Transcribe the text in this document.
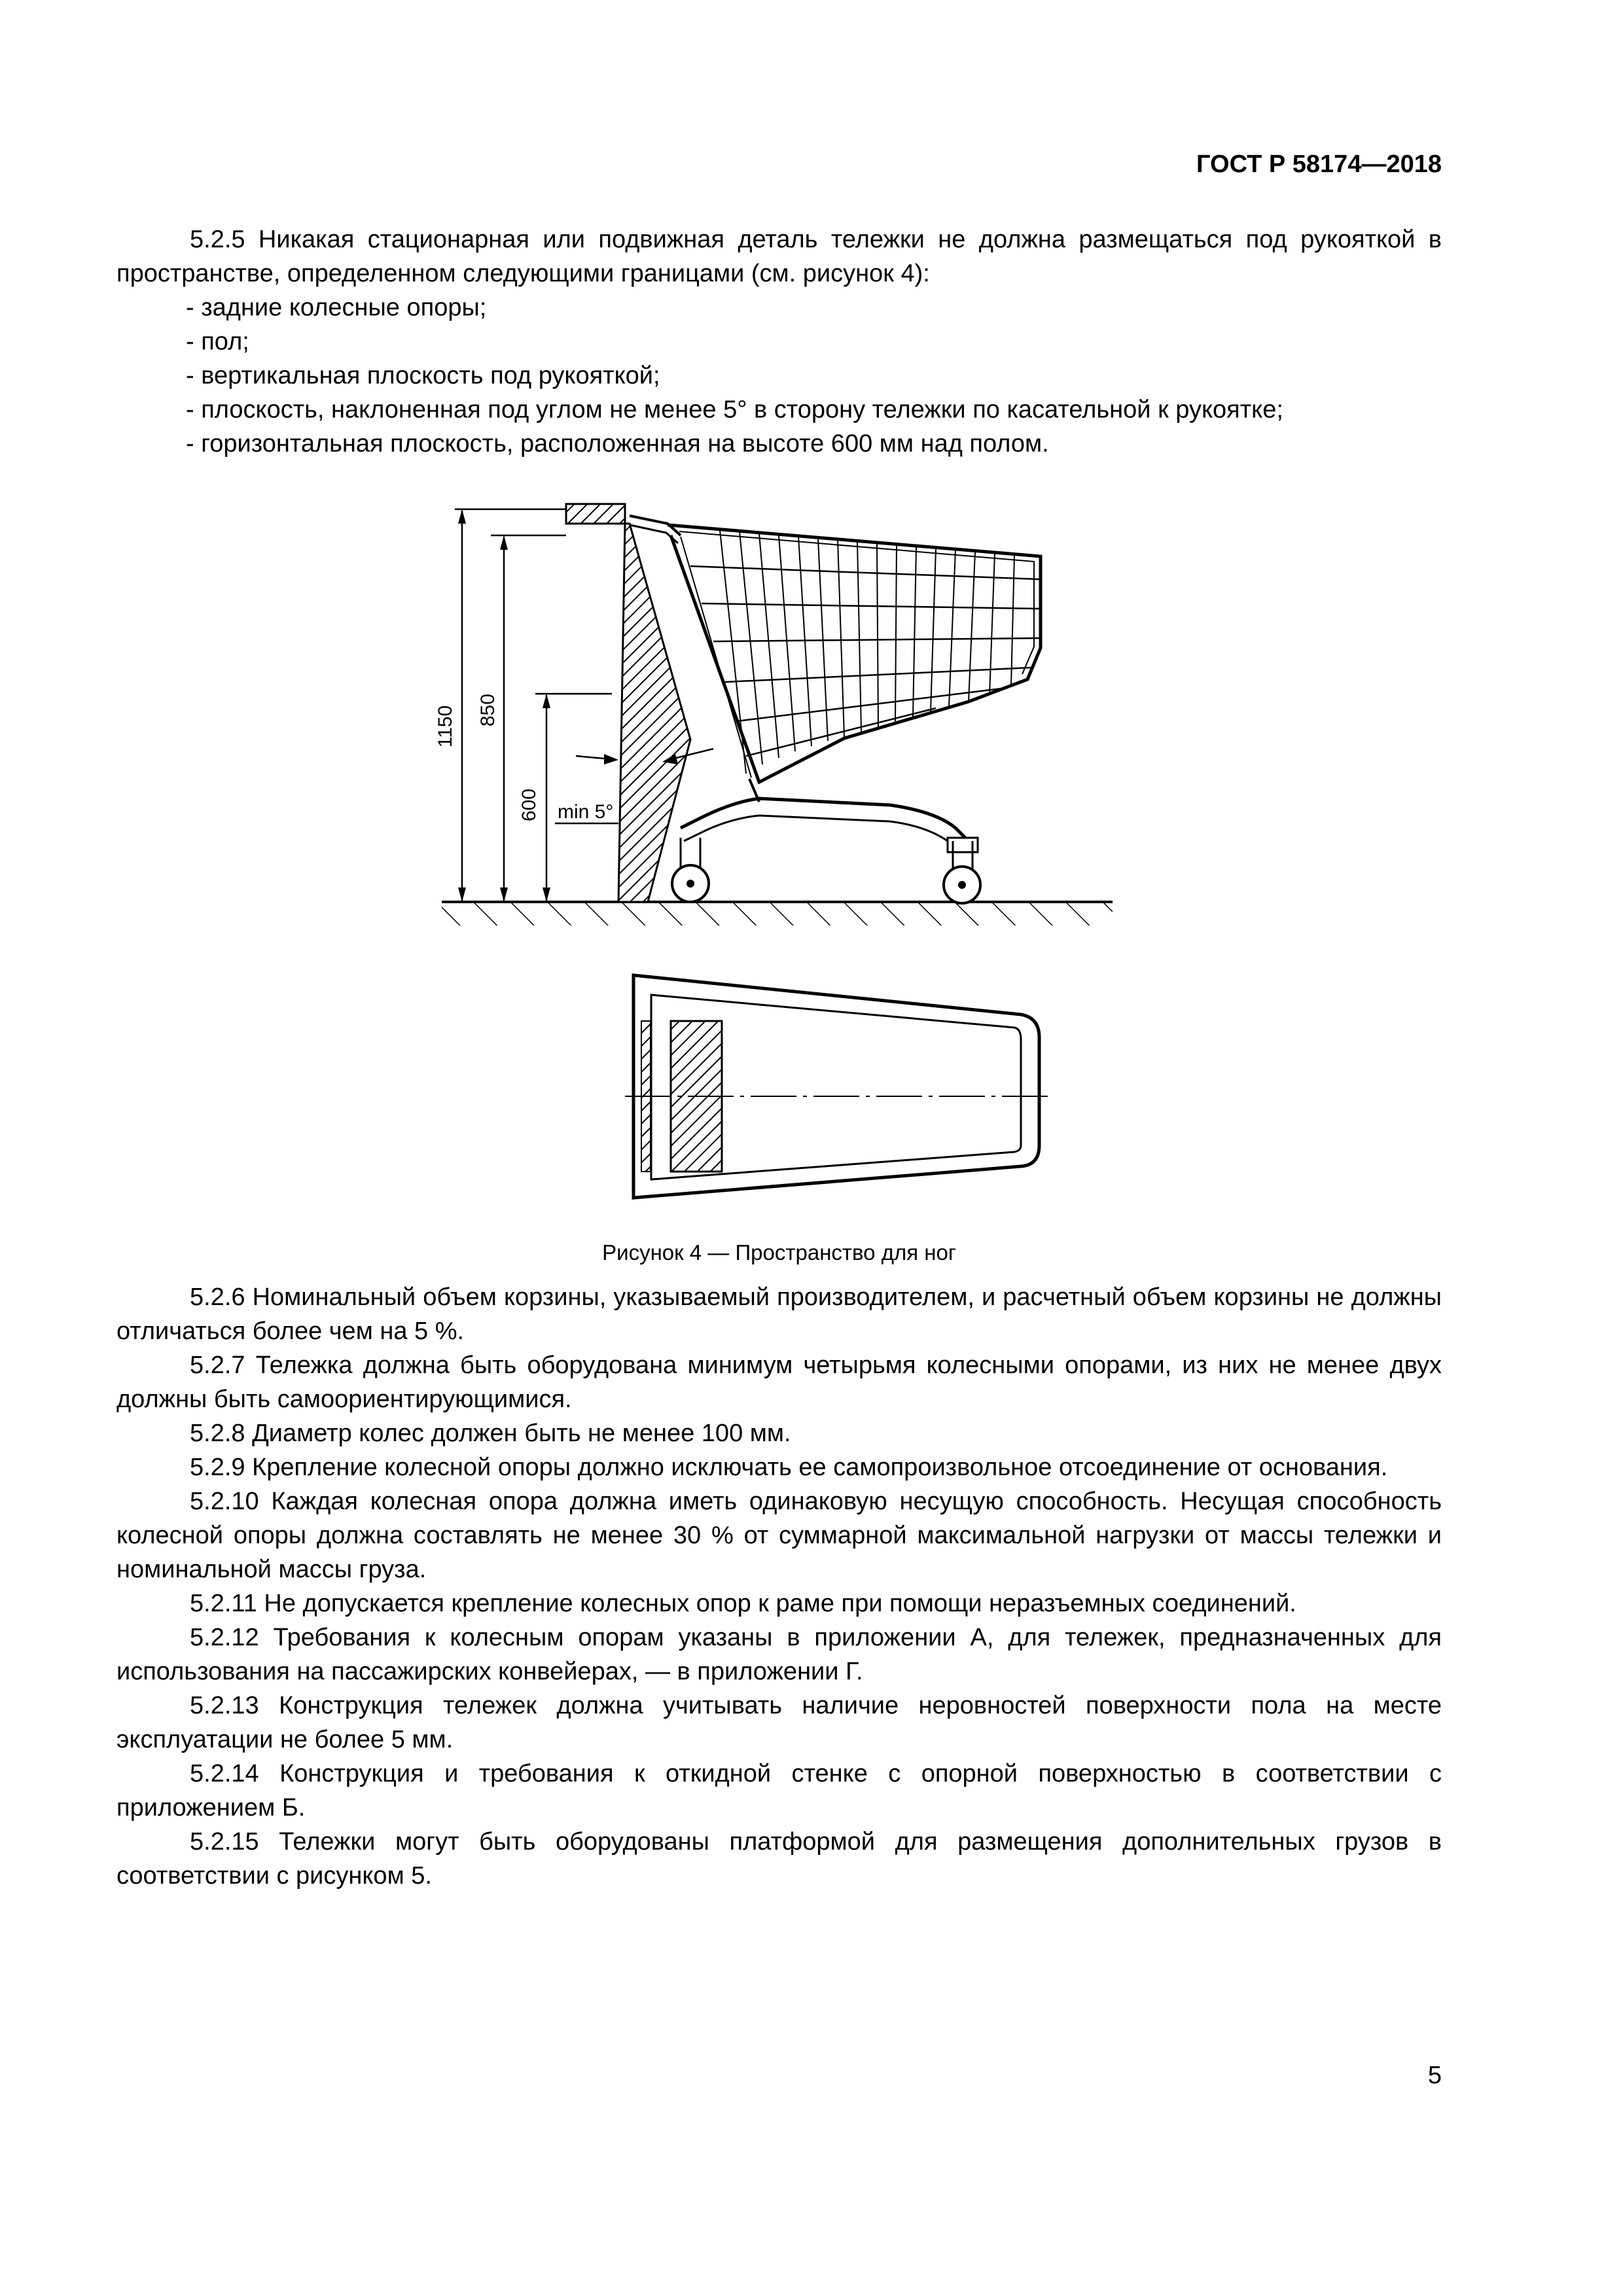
ГОСТ Р 58174—2018

5.2.5 Никакая стационарная или подвижная деталь тележки не должна размещаться под рукояткой в пространстве, определенном следующими границами (см. рисунок 4):

- задние колесные опоры;

- пол;

- вертикальная плоскость под рукояткой;

- плоскость, наклоненная под углом не менее 5° в сторону тележки по касательной к рукоятке;

- горизонтальная плоскость, расположенная на высоте 600 мм над полом.

1150 850
600 min 5°
Рисунок 4 — Пространство для ног

5.2.6 Номинальный объем корзины, указываемый производителем, и расчетный объем корзины не должны отличаться более чем на 5 %.

5.2.7 Тележка должна быть оборудована минимум четырьмя колесными опорами, из них не менее двух должны быть самоориентирующимися.

5.2.8 Диаметр колес должен быть не менее 100 мм.

5.2.9 Крепление колесной опоры должно исключать ее самопроизвольное отсоединение от основания.

5.2.10 Каждая колесная опора должна иметь одинаковую несущую способность. Несущая способность колесной опоры должна составлять не менее 30 % от суммарной максимальной нагрузки от массы тележки и номинальной массы груза.

5.2.11 Не допускается крепление колесных опор к раме при помощи неразъемных соединений.

5.2.12 Требования к колесным опорам указаны в приложении А, для тележек, предназначенных для использования на пассажирских конвейерах, — в приложении Г.

5.2.13 Конструкция тележек должна учитывать наличие неровностей поверхности пола на месте эксплуатации не более 5 мм.

5.2.14 Конструкция и требования к откидной стенке с опорной поверхностью в соответствии с приложением Б.

5.2.15 Тележки могут быть оборудованы платформой для размещения дополнительных грузов в соответствии с рисунком 5.

5
